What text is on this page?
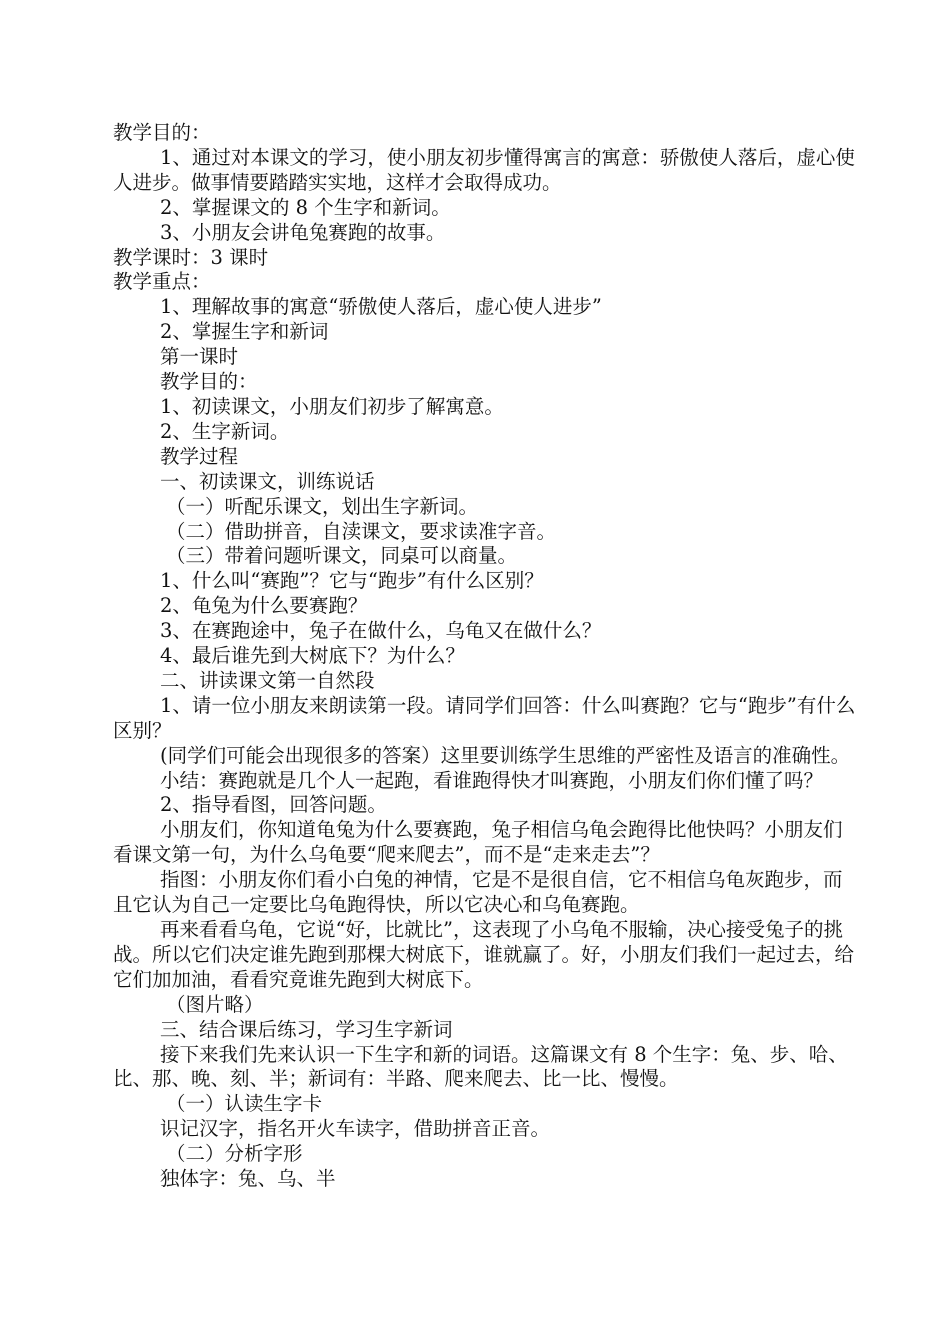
教学目的：

1、通过对本课文的学习，使小朋友初步懂得寓言的寓意：骄傲使人落后，虚心使人进步。做事情要踏踏实实地，这样才会取得成功。

2、掌握课文的 8 个生字和新词。

3、小朋友会讲龟兔赛跑的故事。

教学课时：3 课时

教学重点：

1、理解故事的寓意“骄傲使人落后，虚心使人进步”

2、掌握生字和新词

第一课时

教学目的：

1、初读课文，小朋友们初步了解寓意。

2、生字新词。

教学过程

一、初读课文，训练说话

（一）听配乐课文，划出生字新词。

（二）借助拼音，自渎课文，要求读准字音。

（三）带着问题听课文，同桌可以商量。

1、什么叫“赛跑”？它与“跑步”有什么区别？

2、龟兔为什么要赛跑？

3、在赛跑途中，兔子在做什么，乌龟又在做什么？

4、最后谁先到大树底下？为什么？

二、讲读课文第一自然段

1、请一位小朋友来朗读第一段。请同学们回答：什么叫赛跑？它与“跑步”有什么区别？

(同学们可能会出现很多的答案）这里要训练学生思维的严密性及语言的准确性。

小结：赛跑就是几个人一起跑，看谁跑得快才叫赛跑，小朋友们你们懂了吗？

2、指导看图，回答问题。

小朋友们，你知道龟兔为什么要赛跑，兔子相信乌龟会跑得比他快吗？小朋友们看课文第一句，为什么乌龟要“爬来爬去”，而不是“走来走去”？

指图：小朋友你们看小白兔的神情，它是不是很自信，它不相信乌龟灰跑步，而且它认为自己一定要比乌龟跑得快，所以它决心和乌龟赛跑。

再来看看乌龟，它说“好，比就比”，这表现了小乌龟不服输，决心接受兔子的挑战。所以它们决定谁先跑到那棵大树底下，谁就赢了。好，小朋友们我们一起过去，给它们加加油，看看究竟谁先跑到大树底下。

（图片略）

三、结合课后练习，学习生字新词

接下来我们先来认识一下生字和新的词语。这篇课文有 8 个生字：兔、步、哈、比、那、晚、刻、半；新词有：半路、爬来爬去、比一比、慢慢。

（一）认读生字卡

识记汉字，指名开火车读字，借助拼音正音。

（二）分析字形

独体字：兔、乌、半
